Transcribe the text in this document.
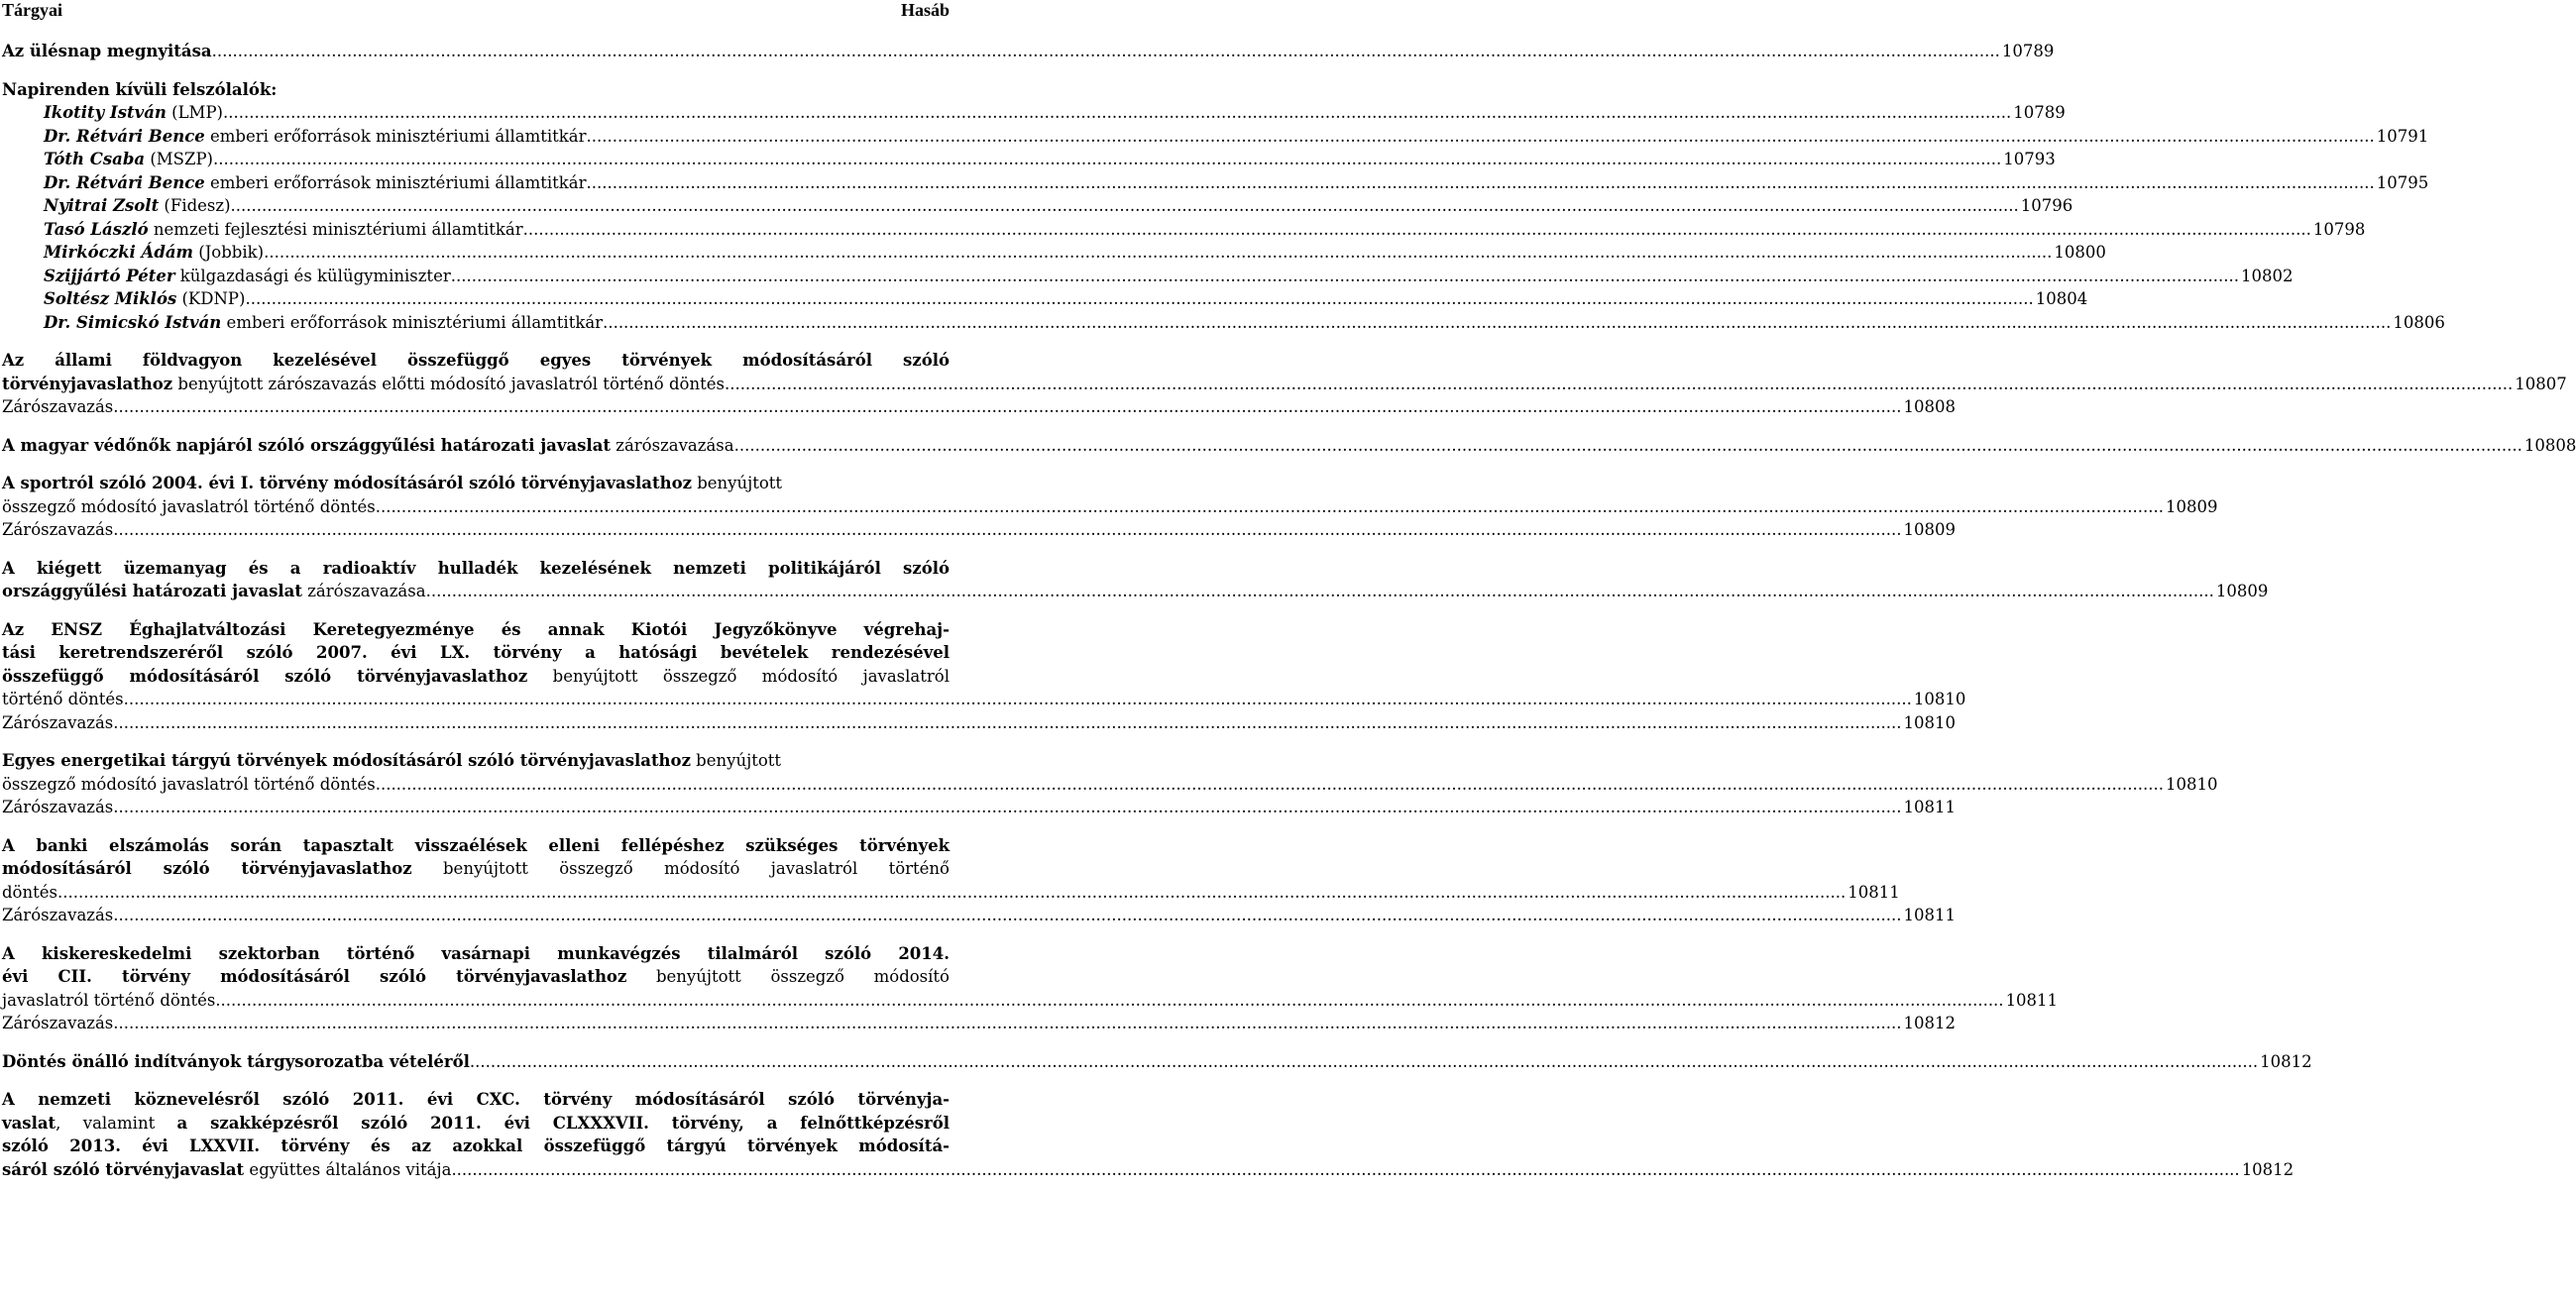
Tárgyai	Hasáb
Az ülésnap megnyitása .....	10789
Napirenden kívüli felszólalók:
Ikotity István (LMP) .....	10789
Dr. Rétvári Bence emberi erőforrások minisztériumi államtitkár .....	10791
Tóth Csaba (MSZP) .....	10793
Dr. Rétvári Bence emberi erőforrások minisztériumi államtitkár .....	10795
Nyitrai Zsolt (Fidesz) .....	10796
Tasó László nemzeti fejlesztési minisztériumi államtitkár .....	10798
Mirkóczki Ádám (Jobbik) .....	10800
Szijjártó Péter külgazdasági és külügyminiszter .....	10802
Soltész Miklós (KDNP) .....	10804
Dr. Simicskó István emberi erőforrások minisztériumi államtitkár .....	10806
Az állami földvagyon kezelésével összefüggő egyes törvények módosításáról szóló
törvényjavaslathoz benyújtott zárószavazás előtti módosító javaslatról történő döntés .....	10807
Zárószavazás .....	10808
A magyar védőnők napjáról szóló országgyűlési határozati javaslat zárószavazása .....	10808
A sportról szóló 2004. évi I. törvény módosításáról szóló törvényjavaslathoz benyújtott
összegző módosító javaslatról történő döntés .....	10809
Zárószavazás .....	10809
A kiégett üzemanyag és a radioaktív hulladék kezelésének nemzeti politikájáról szóló
országgyűlési határozati javaslat zárószavazása .....	10809
Az ENSZ Éghajlatváltozási Keretegyezménye és annak Kiotói Jegyzőkönyve végrehaj-
tási keretrendszeréről szóló 2007. évi LX. törvény a hatósági bevételek rendezésével
összefüggő módosításáról szóló törvényjavaslathoz benyújtott összegző módosító javaslatról
történő döntés .....	10810
Zárószavazás .....	10810
Egyes energetikai tárgyú törvények módosításáról szóló törvényjavaslathoz benyújtott
összegző módosító javaslatról történő döntés .....	10810
Zárószavazás .....	10811
A banki elszámolás során tapasztalt visszaélések elleni fellépéshez szükséges törvények
módosításáról szóló törvényjavaslathoz benyújtott összegző módosító javaslatról történő
döntés .....	10811
Zárószavazás .....	10811
A kiskereskedelmi szektorban történő vasárnapi munkavégzés tilalmáról szóló 2014.
évi CII. törvény módosításáról szóló törvényjavaslathoz benyújtott összegző módosító
javaslatról történő döntés .....	10811
Zárószavazás .....	10812
Döntés önálló indítványok tárgysorozatba vételéről .....	10812
A nemzeti köznevelésről szóló 2011. évi CXC. törvény módosításáról szóló törvényja-
vaslat, valamint a szakképzésről szóló 2011. évi CLXXXVII. törvény, a felnőttképzésről
szóló 2013. évi LXXVII. törvény és az azokkal összefüggő tárgyú törvények módosítá-
sáról szóló törvényjavaslat együttes általános vitája .....	10812
